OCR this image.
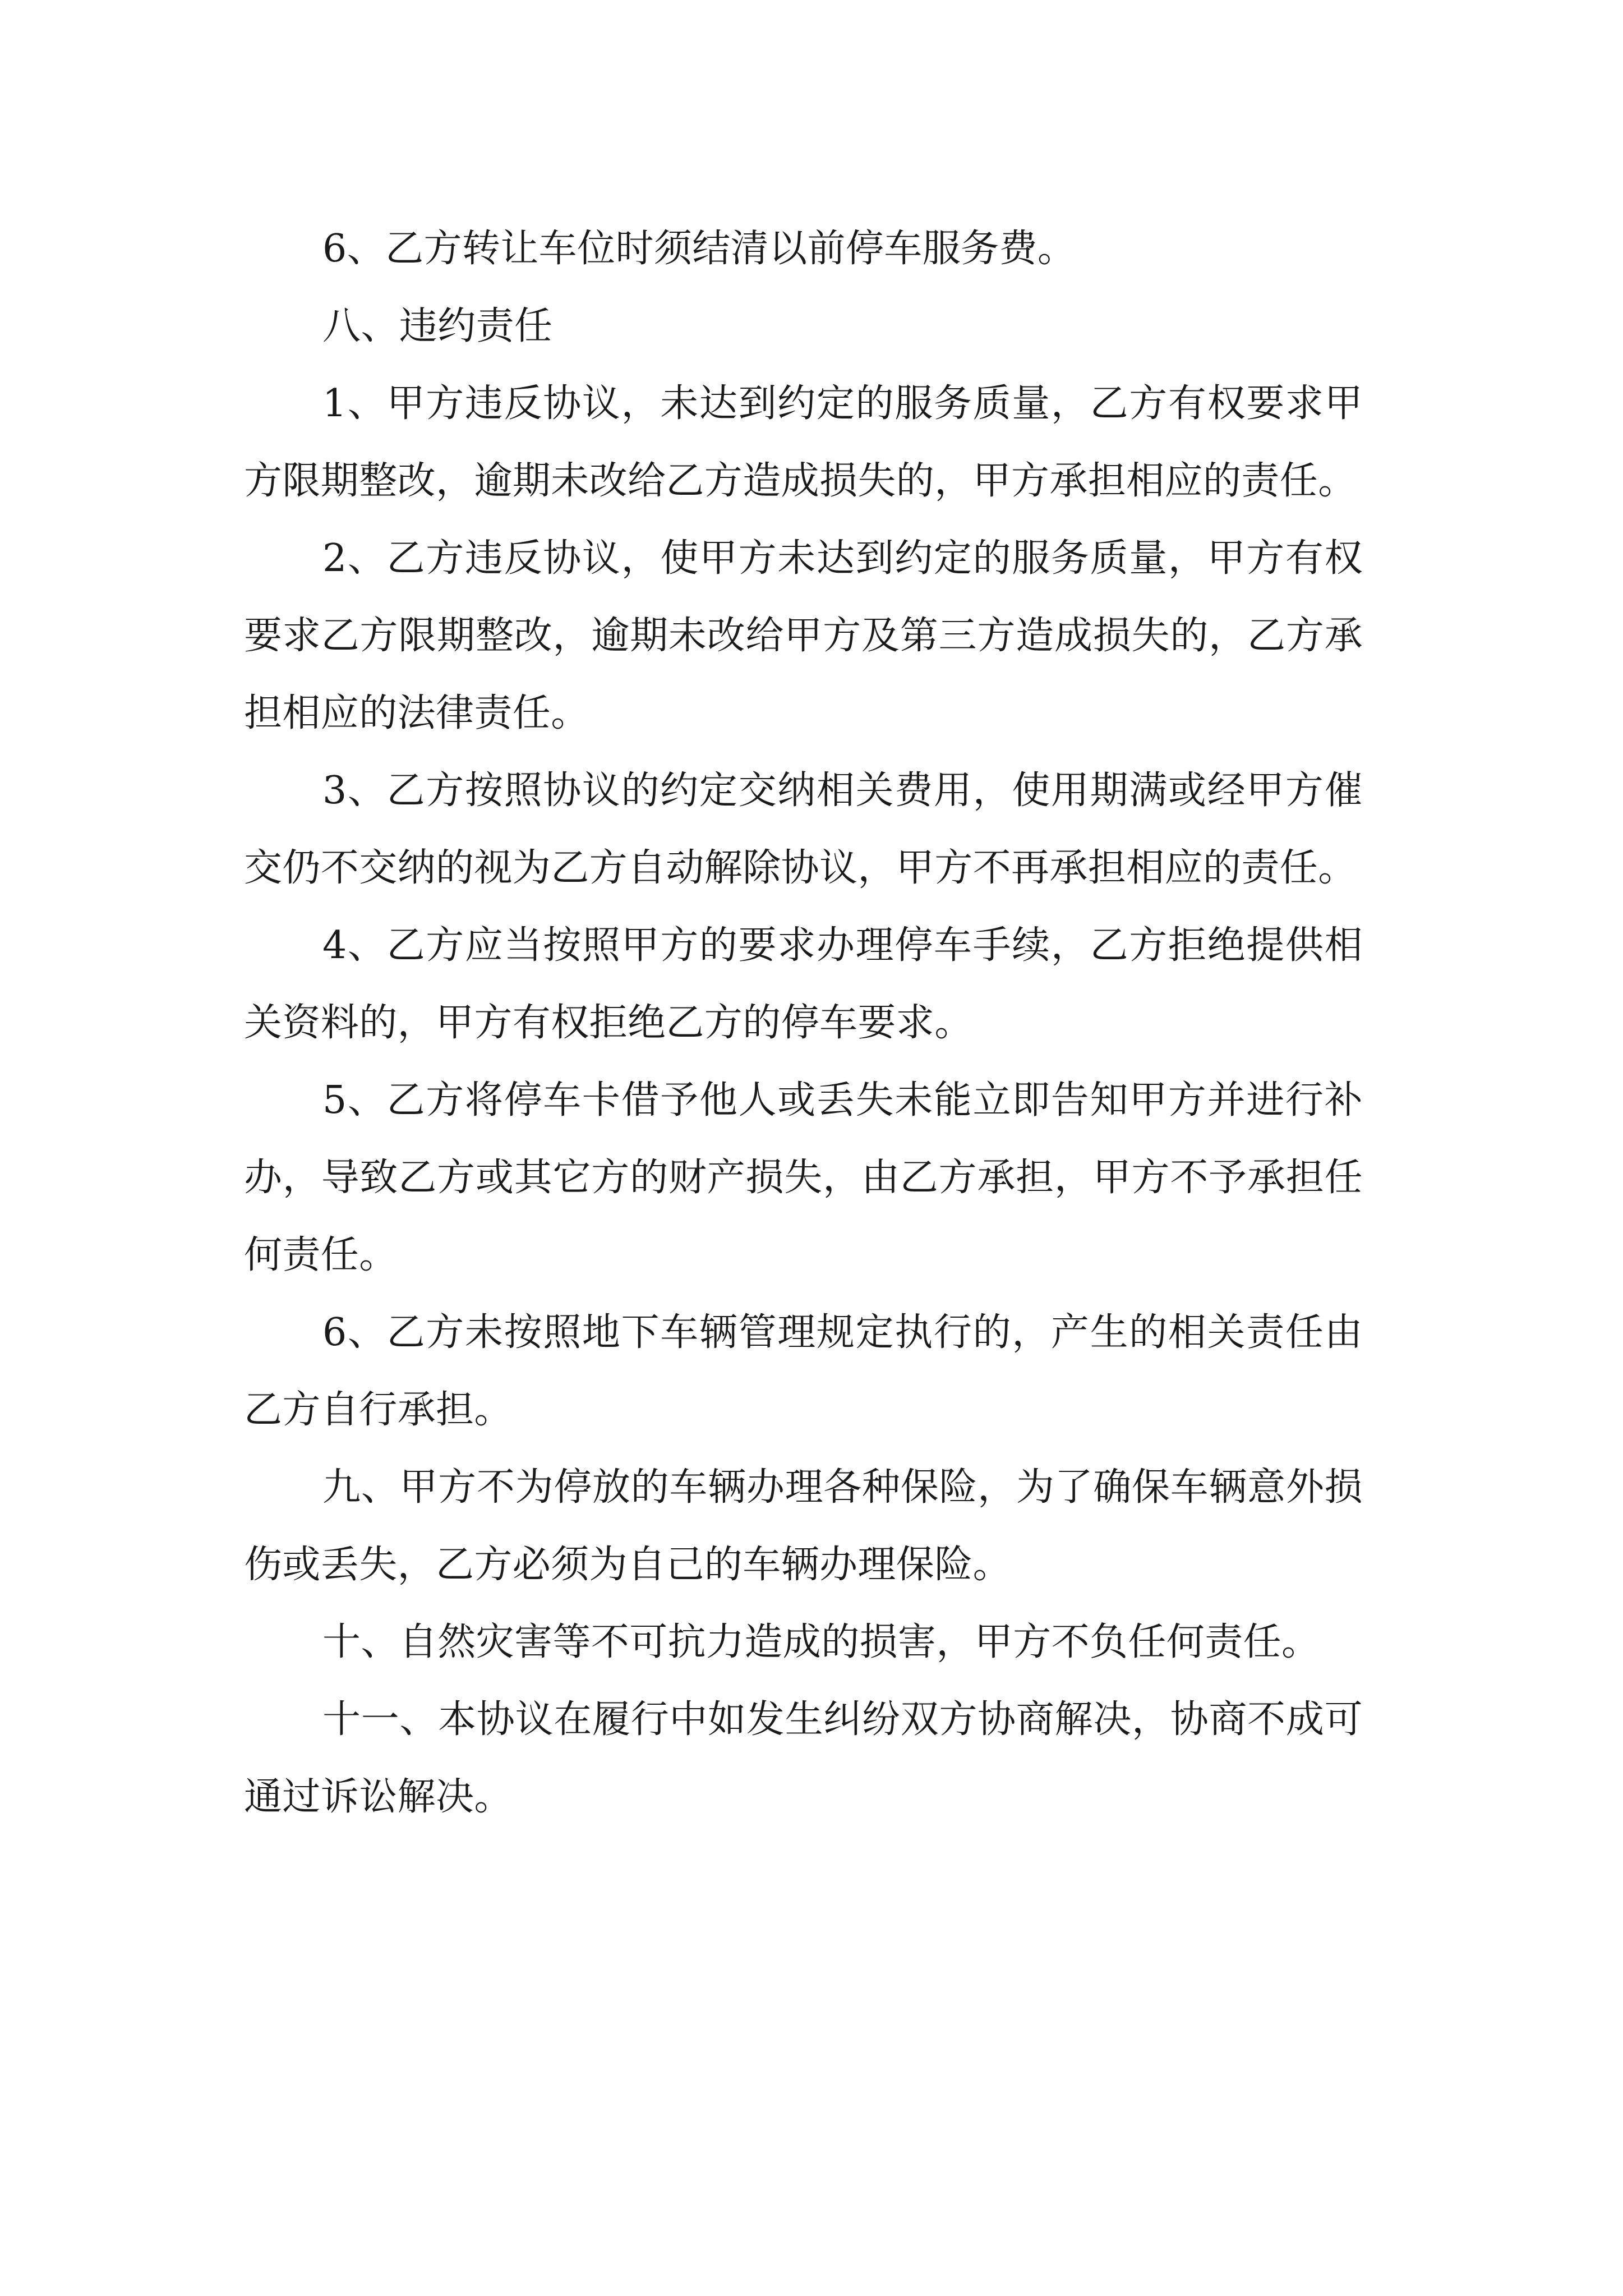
6、乙方转让车位时须结清以前停车服务费。

八、违约责任

1、甲方违反协议，未达到约定的服务质量，乙方有权要求甲方限期整改，逾期未改给乙方造成损失的，甲方承担相应的责任。

2、乙方违反协议，使甲方未达到约定的服务质量，甲方有权要求乙方限期整改，逾期未改给甲方及第三方造成损失的，乙方承担相应的法律责任。

3、乙方按照协议的约定交纳相关费用，使用期满或经甲方催交仍不交纳的视为乙方自动解除协议，甲方不再承担相应的责任。

4、乙方应当按照甲方的要求办理停车手续，乙方拒绝提供相关资料的，甲方有权拒绝乙方的停车要求。

5、乙方将停车卡借予他人或丢失未能立即告知甲方并进行补办，导致乙方或其它方的财产损失，由乙方承担，甲方不予承担任何责任。

6、乙方未按照地下车辆管理规定执行的，产生的相关责任由乙方自行承担。

九、甲方不为停放的车辆办理各种保险，为了确保车辆意外损伤或丢失，乙方必须为自己的车辆办理保险。

十、自然灾害等不可抗力造成的损害，甲方不负任何责任。

十一、本协议在履行中如发生纠纷双方协商解决，协商不成可通过诉讼解决。
